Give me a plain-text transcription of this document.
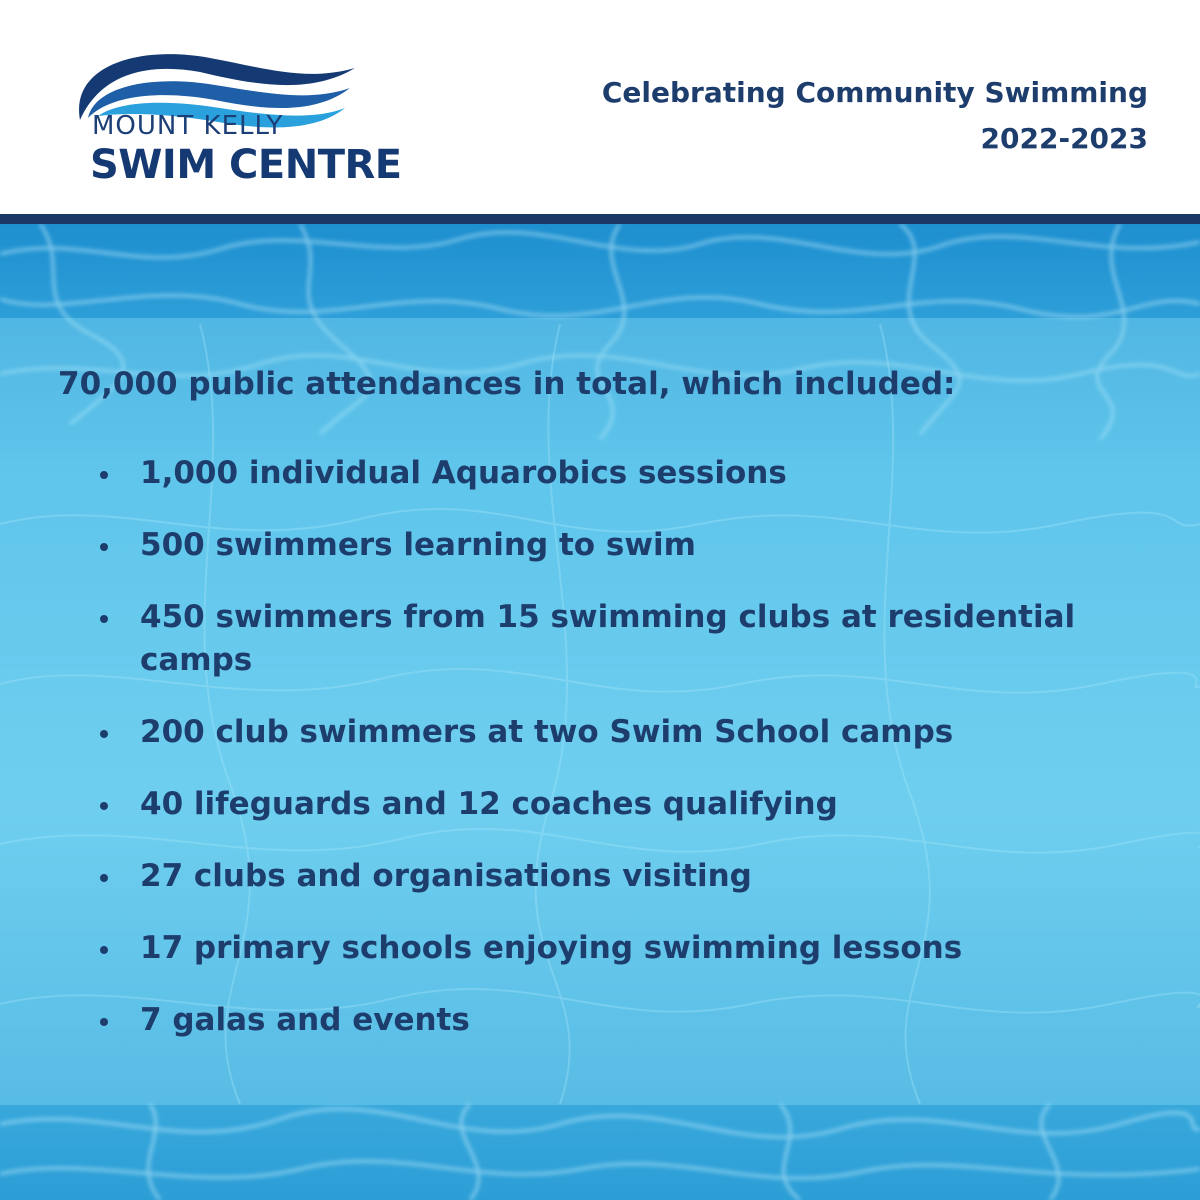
MOUNT KELLY
SWIM CENTRE
Celebrating Community Swimming
2022-2023
70,000 public attendances in total, which included:
1,000 individual Aquarobics sessions
500 swimmers learning to swim
450 swimmers from 15 swimming clubs at residential camps
200 club swimmers at two Swim School camps
40 lifeguards and 12 coaches qualifying
27 clubs and organisations visiting
17 primary schools enjoying swimming lessons
7 galas and events
